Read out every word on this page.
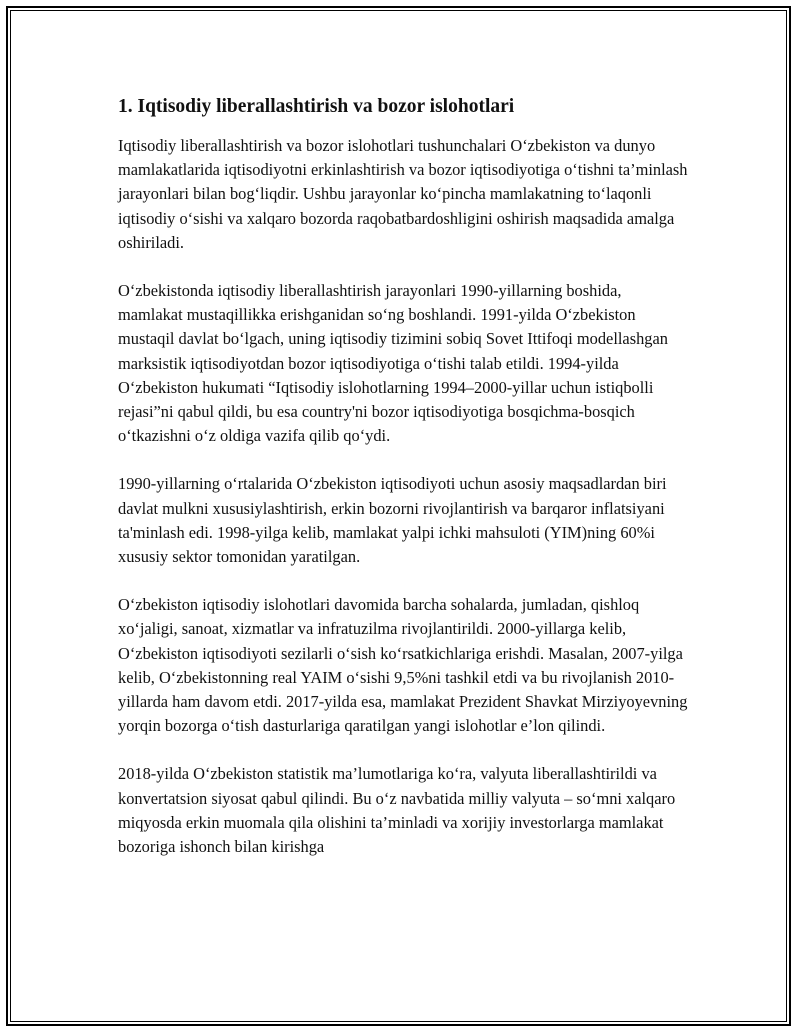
1. Iqtisodiy liberallashtirish va bozor islohotlari

Iqtisodiy liberallashtirish va bozor islohotlari tushunchalari O‘zbekiston va dunyo mamlakatlarida iqtisodiyotni erkinlashtirish va bozor iqtisodiyotiga o‘tishni ta’minlash jarayonlari bilan bog‘liqdir. Ushbu jarayonlar ko‘pincha mamlakatning to‘laqonli iqtisodiy o‘sishi va xalqaro bozorda raqobatbardoshligini oshirish maqsadida amalga oshiriladi.

O‘zbekistonda iqtisodiy liberallashtirish jarayonlari 1990-yillarning boshida, mamlakat mustaqillikka erishganidan so‘ng boshlandi. 1991-yilda O‘zbekiston mustaqil davlat bo‘lgach, uning iqtisodiy tizimini sobiq Sovet Ittifoqi modellashgan marksistik iqtisodiyotdan bozor iqtisodiyotiga o‘tishi talab etildi. 1994-yilda O‘zbekiston hukumati “Iqtisodiy islohotlarning 1994–2000-yillar uchun istiqbolli rejasi”ni qabul qildi, bu esa country'ni bozor iqtisodiyotiga bosqichma-bosqich o‘tkazishni o‘z oldiga vazifa qilib qo‘ydi.

1990-yillarning o‘rtalarida O‘zbekiston iqtisodiyoti uchun asosiy maqsadlardan biri davlat mulkni xususiylashtirish, erkin bozorni rivojlantirish va barqaror inflatsiyani ta'minlash edi. 1998-yilga kelib, mamlakat yalpi ichki mahsuloti (YIM)ning 60%i xususiy sektor tomonidan yaratilgan.

O‘zbekiston iqtisodiy islohotlari davomida barcha sohalarda, jumladan, qishloq xo‘jaligi, sanoat, xizmatlar va infratuzilma rivojlantirildi. 2000-yillarga kelib, O‘zbekiston iqtisodiyoti sezilarli o‘sish ko‘rsatkichlariga erishdi. Masalan, 2007-yilga kelib, O‘zbekistonning real YAIM o‘sishi 9,5%ni tashkil etdi va bu rivojlanish 2010-yillarda ham davom etdi. 2017-yilda esa, mamlakat Prezident Shavkat Mirziyoyevning yorqin bozorga o‘tish dasturlariga qaratilgan yangi islohotlar e’lon qilindi.

2018-yilda O‘zbekiston statistik ma’lumotlariga ko‘ra, valyuta liberallashtirildi va konvertatsion siyosat qabul qilindi. Bu o‘z navbatida milliy valyuta – so‘mni xalqaro miqyosda erkin muomala qila olishini ta’minladi va xorijiy investorlarga mamlakat bozoriga ishonch bilan kirishga
